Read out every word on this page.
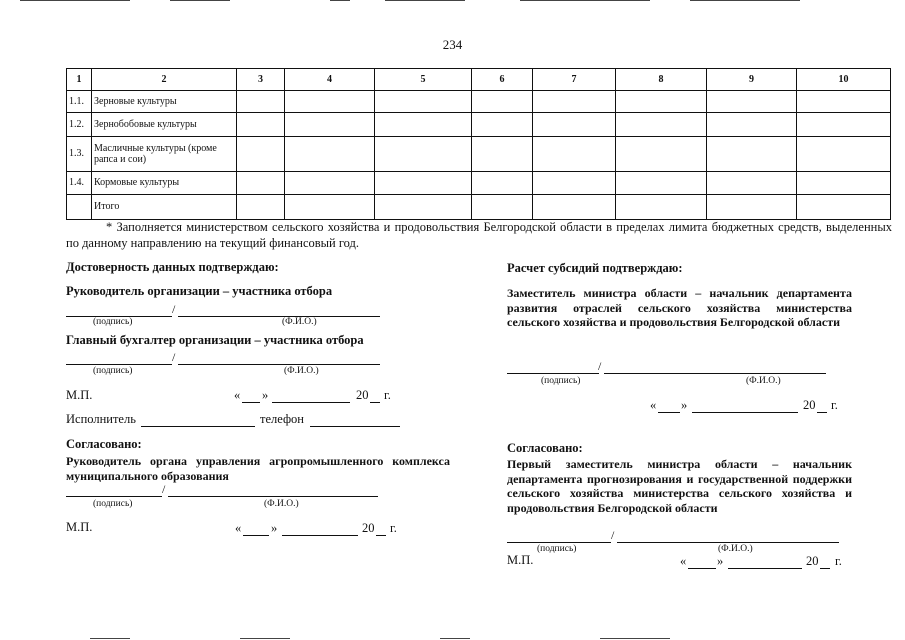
234
1	2	3	4	5	6	7	8	9	10
1.1.	Зерновые культуры								
1.2.	Зернобобовые культуры								
1.3.	Масличные культуры (кроме рапса и сои)								
1.4.	Кормовые культуры								
	Итого								
* Заполняется министерством сельского хозяйства и продовольствия Белгородской области в пределах лимита бюджетных средств, выделенных по данному направлению на текущий финансовый год.
Достоверность данных подтверждаю:
Руководитель организации – участника отбора
/
(подпись)	(Ф.И.О.)
Главный бухгалтер организации – участника отбора
/
(подпись)	(Ф.И.О.)
М.П.	« »	20 г.
Исполнитель	телефон
Согласовано:
Руководитель органа управления агропромышленного комплекса муниципального образования
/
(подпись)	(Ф.И.О.)
М.П.	« »	20 г.
Расчет субсидий подтверждаю:
Заместитель министра области – начальник департамента развития отраслей сельского хозяйства министерства сельского хозяйства и продовольствия Белгородской области
/
(подпись)	(Ф.И.О.)
« »	20 г.
Согласовано:
Первый заместитель министра области – начальник департамента прогнозирования и государственной поддержки сельского хозяйства министерства сельского хозяйства и продовольствия Белгородской области
/
(подпись)	(Ф.И.О.)
М.П.	« »	20 г.
